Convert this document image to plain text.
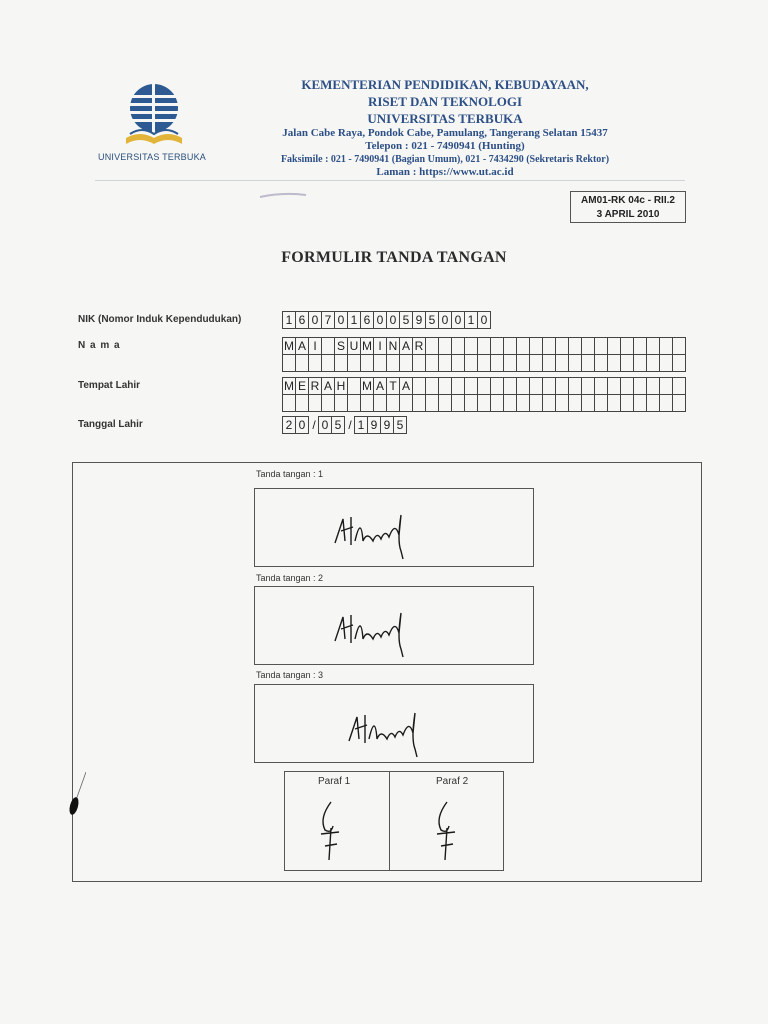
UNIVERSITAS TERBUKA
KEMENTERIAN PENDIDIKAN, KEBUDAYAAN,
RISET DAN TEKNOLOGI
UNIVERSITAS TERBUKA
Jalan Cabe Raya, Pondok Cabe, Pamulang, Tangerang Selatan 15437
Telepon : 021 - 7490941 (Hunting)
Faksimile : 021 - 7490941 (Bagian Umum), 021 - 7434290 (Sekretaris Rektor)
Laman : https://www.ut.ac.id
AM01-RK 04c - RII.2
3 APRIL 2010
FORMULIR TANDA TANGAN
NIK (Nomor Induk Kependudukan)	1 6 0 7 0 1 6 0 0 5 9 5 0 0 1 0
N a m a	M A I	S U M I N A R
Tempat Lahir	M E R A H M A T A
Tanggal Lahir	2 0 / 0 5 / 1 9 9 5
Tanda tangan : 1
Tanda tangan : 2
Tanda tangan : 3
Paraf 1	Paraf 2
